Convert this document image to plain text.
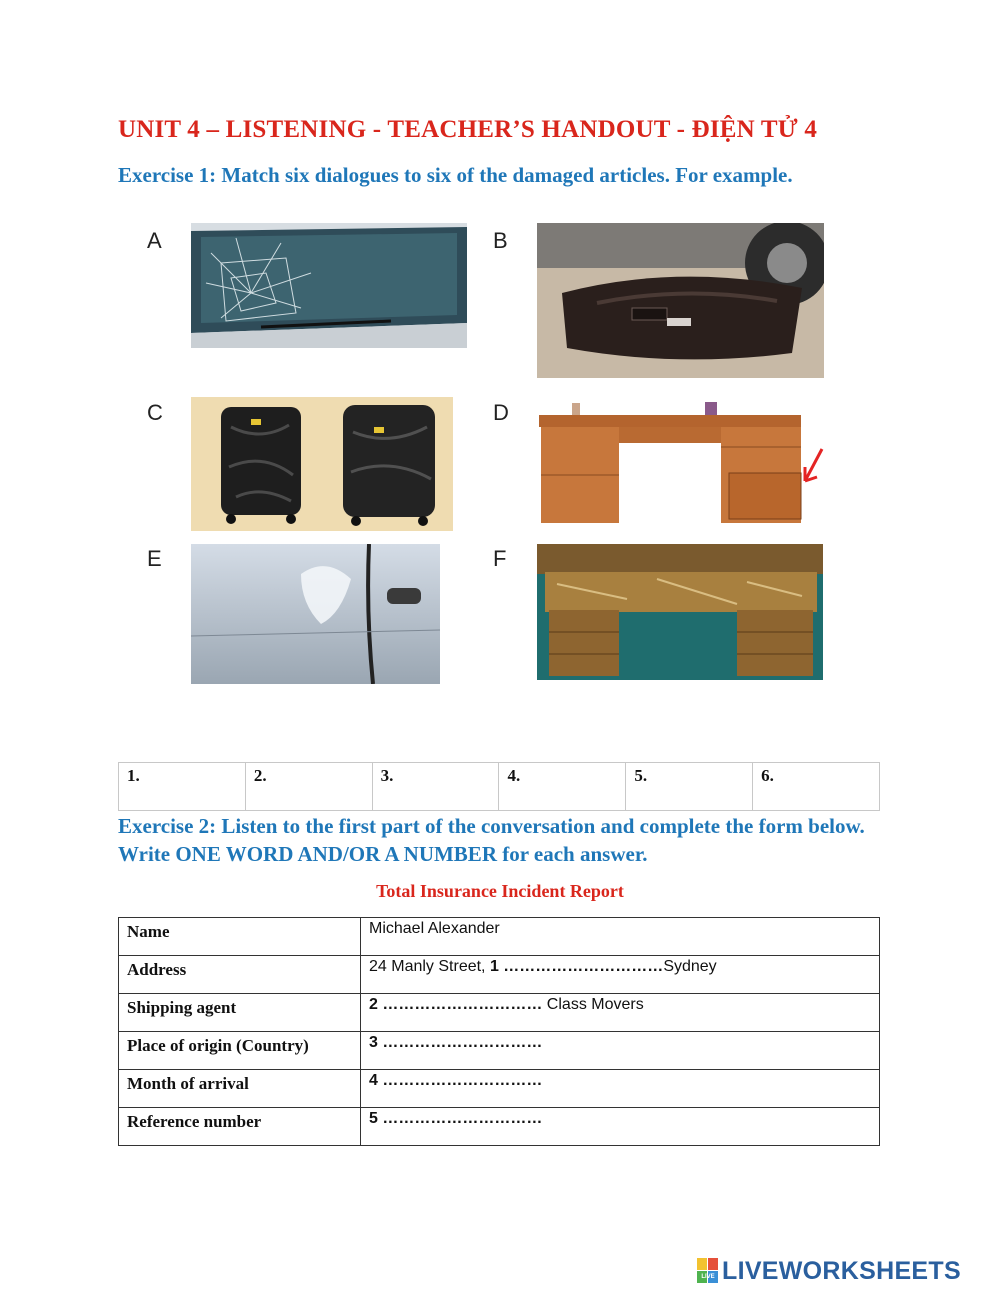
UNIT 4 – LISTENING - TEACHER’S HANDOUT - ĐIỆN TỬ 4

Exercise 1: Match six dialogues to six of the damaged articles. For example.

A	B
C	D
E	F
1.	2.	3.	4.	5.	6.

Exercise 2: Listen to the first part of the conversation and complete the form below. Write ONE WORD AND/OR A NUMBER for each answer.

Total Insurance Incident Report

Name	Michael Alexander
Address	24 Manly Street, 1 …………………………Sydney
Shipping agent	2 ………………………… Class Movers
Place of origin (Country)	3 …………………………
Month of arrival	4 …………………………
Reference number	5 …………………………
LIVE LIVEWORKSHEETS
